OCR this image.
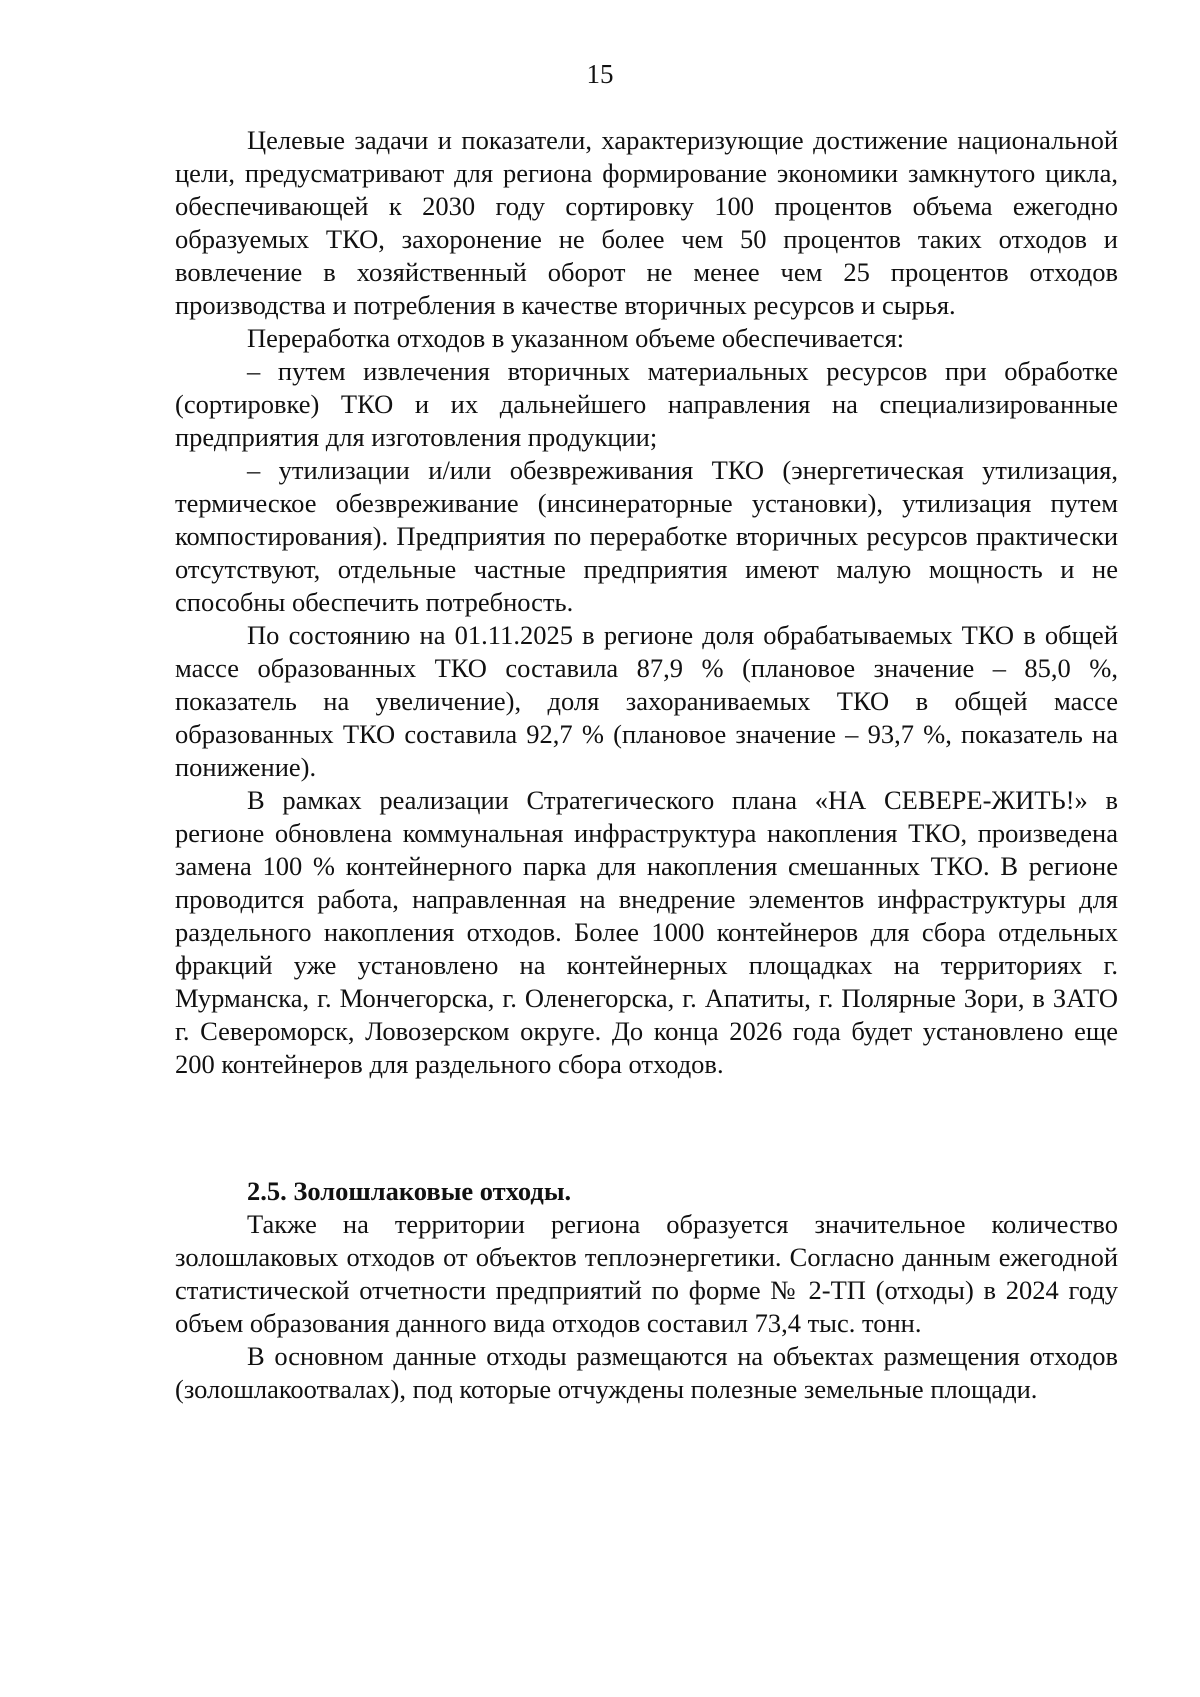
15

Целевые задачи и показатели, характеризующие достижение национальной цели, предусматривают для региона формирование экономики замкнутого цикла, обеспечивающей к 2030 году сортировку 100 процентов объема ежегодно образуемых ТКО, захоронение не более чем 50 процентов таких отходов и вовлечение в хозяйственный оборот не менее чем 25 процентов отходов производства и потребления в качестве вторичных ресурсов и сырья.

Переработка отходов в указанном объеме обеспечивается:

– путем извлечения вторичных материальных ресурсов при обработке (сортировке) ТКО и их дальнейшего направления на специализированные предприятия для изготовления продукции;

– утилизации и/или обезвреживания ТКО (энергетическая утилизация, термическое обезвреживание (инсинераторные установки), утилизация путем компостирования). Предприятия по переработке вторичных ресурсов практически отсутствуют, отдельные частные предприятия имеют малую мощность и не способны обеспечить потребность.

По состоянию на 01.11.2025 в регионе доля обрабатываемых ТКО в общей массе образованных ТКО составила 87,9 % (плановое значение – 85,0 %, показатель на увеличение), доля захораниваемых ТКО в общей массе образованных ТКО составила 92,7 % (плановое значение – 93,7 %, показатель на понижение).

В рамках реализации Стратегического плана «НА СЕВЕРЕ-ЖИТЬ!» в регионе обновлена коммунальная инфраструктура накопления ТКО, произведена замена 100 % контейнерного парка для накопления смешанных ТКО. В регионе проводится работа, направленная на внедрение элементов инфраструктуры для раздельного накопления отходов. Более 1000 контейнеров для сбора отдельных фракций уже установлено на контейнерных площадках на территориях г. Мурманска, г. Мончегорска, г. Оленегорска, г. Апатиты, г. Полярные Зори, в ЗАТО г. Североморск, Ловозерском округе. До конца 2026 года будет установлено еще 200 контейнеров для раздельного сбора отходов.

2.5. Золошлаковые отходы.

Также на территории региона образуется значительное количество золошлаковых отходов от объектов теплоэнергетики. Согласно данным ежегодной статистической отчетности предприятий по форме № 2-ТП (отходы) в 2024 году объем образования данного вида отходов составил 73,4 тыс. тонн.

В основном данные отходы размещаются на объектах размещения отходов (золошлакоотвалах), под которые отчуждены полезные земельные площади.
